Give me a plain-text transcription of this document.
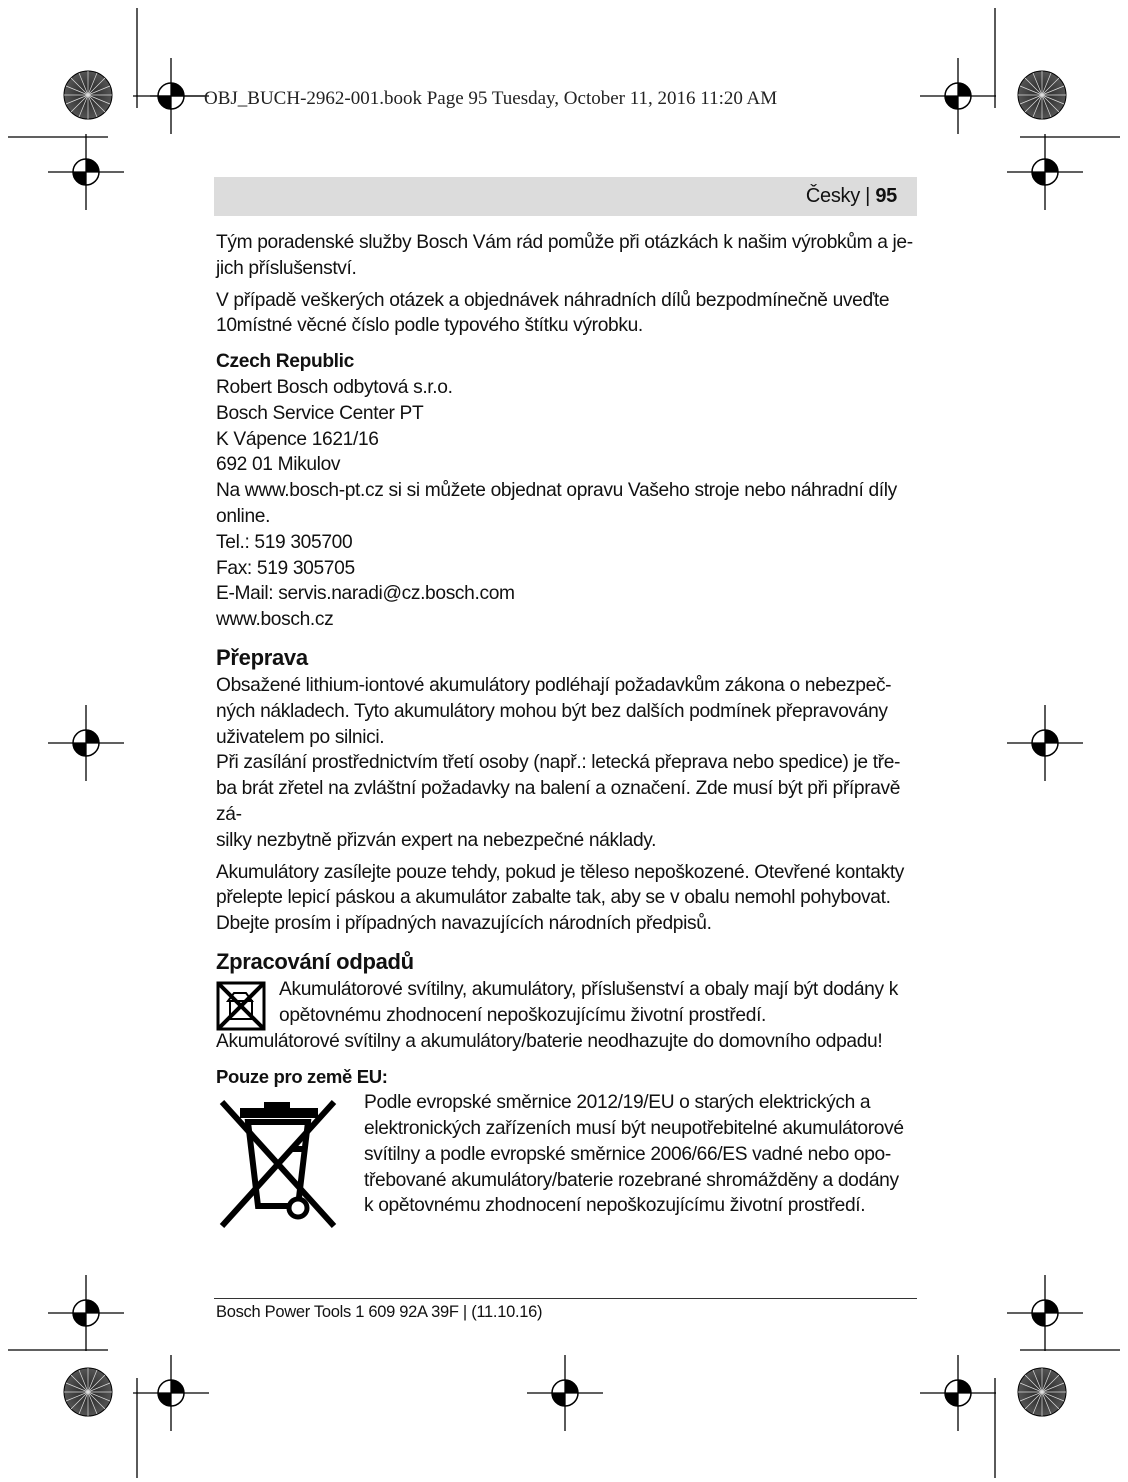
OBJ_BUCH-2962-001.book Page 95 Tuesday, October 11, 2016 11:20 AM
Česky | 95

Tým poradenské služby Bosch Vám rád pomůže při otázkách k našim výrobkům a je-

jich příslušenství.

V případě veškerých otázek a objednávek náhradních dílů bezpodmínečně uveďte

10místné věcné číslo podle typového štítku výrobku.

Czech Republic

Robert Bosch odbytová s.r.o.

Bosch Service Center PT

K Vápence 1621/16

692 01 Mikulov

Na www.bosch-pt.cz si si můžete objednat opravu Vašeho stroje nebo náhradní díly

online.

Tel.: 519 305700

Fax: 519 305705

E-Mail: servis.naradi@cz.bosch.com

www.bosch.cz

Přeprava

Obsažené lithium-iontové akumulátory podléhají požadavkům zákona o nebezpeč-

ných nákladech. Tyto akumulátory mohou být bez dalších podmínek přepravovány

uživatelem po silnici.

Při zasílání prostřednictvím třetí osoby (např.: letecká přeprava nebo spedice) je tře-

ba brát zřetel na zvláštní požadavky na balení a označení. Zde musí být při přípravě zá-

silky nezbytně přizván expert na nebezpečné náklady.

Akumulátory zasílejte pouze tehdy, pokud je těleso nepoškozené. Otevřené kontakty

přelepte lepicí páskou a akumulátor zabalte tak, aby se v obalu nemohl pohybovat.

Dbejte prosím i případných navazujících národních předpisů.

Zpracování odpadů

Akumulátorové svítilny, akumulátory, příslušenství a obaly mají být dodány k

opětovnému zhodnocení nepoškozujícímu životní prostředí.

Akumulátorové svítilny a akumulátory/baterie neodhazujte do domovního odpadu!

Pouze pro země EU:

Podle evropské směrnice 2012/19/EU o starých elektrických a

elektronických zařízeních musí být neupotřebitelné akumulátorové

svítilny a podle evropské směrnice 2006/66/ES vadné nebo opo-

třebované akumulátory/baterie rozebrané shromážděny a dodány

k opětovnému zhodnocení nepoškozujícímu životní prostředí.

Bosch Power Tools 1 609 92A 39F | (11.10.16)
